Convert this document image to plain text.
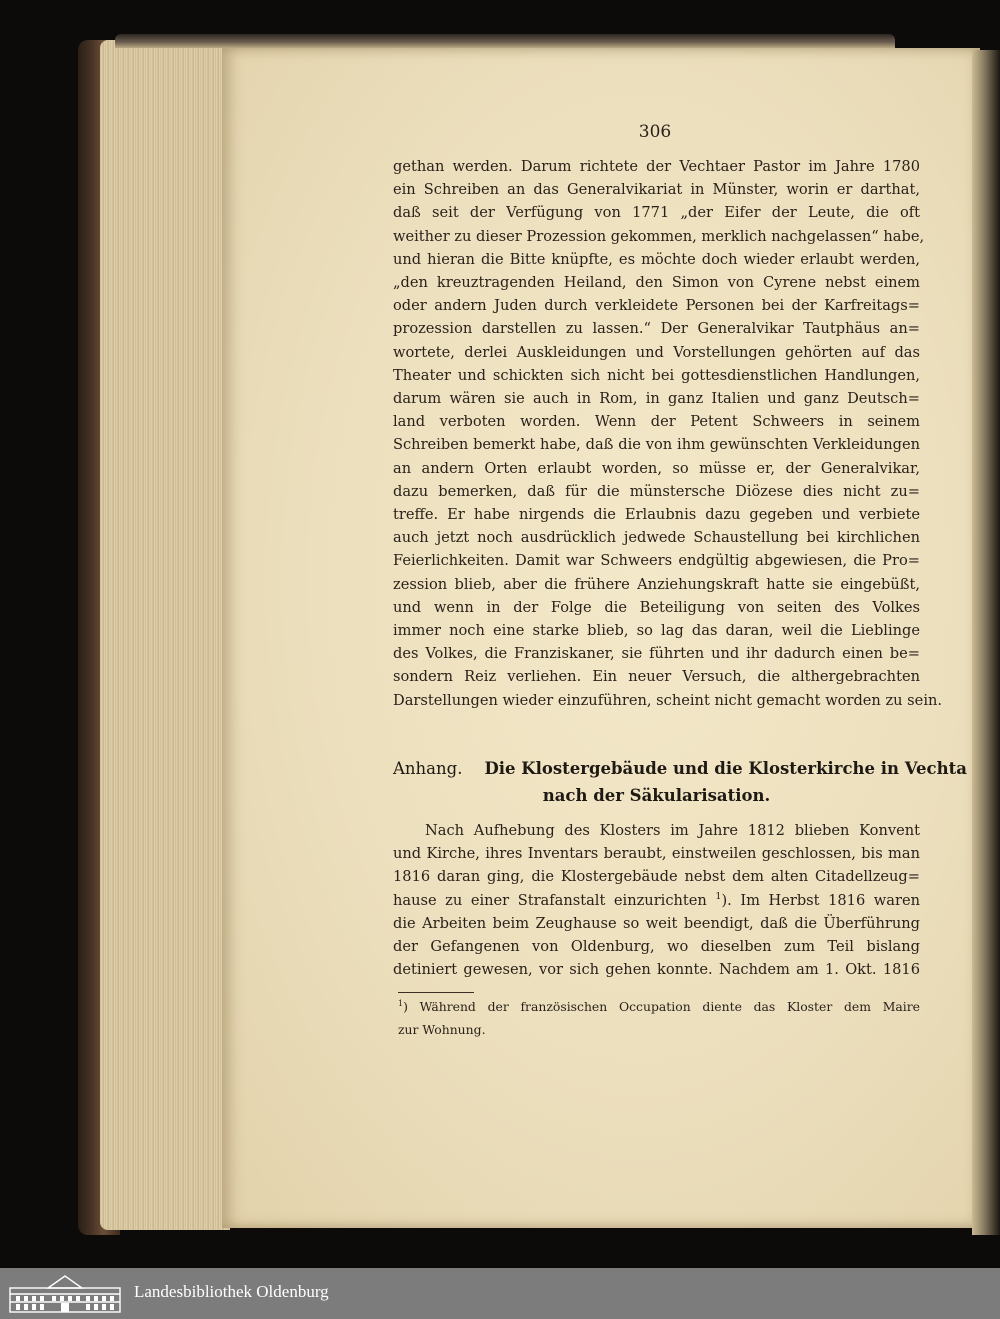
306
gethan werden. Darum richtete der Vechtaer Pastor im Jahre 1780
ein Schreiben an das Generalvikariat in Münster, worin er darthat,
daß seit der Verfügung von 1771 „der Eifer der Leute, die oft
weither zu dieser Prozession gekommen, merklich nachgelassen“ habe,
und hieran die Bitte knüpfte, es möchte doch wieder erlaubt werden,
„den kreuztragenden Heiland, den Simon von Cyrene nebst einem
oder andern Juden durch verkleidete Personen bei der Karfreitags=
prozession darstellen zu lassen.“ Der Generalvikar Tautphäus an=
wortete, derlei Auskleidungen und Vorstellungen gehörten auf das
Theater und schickten sich nicht bei gottesdienstlichen Handlungen,
darum wären sie auch in Rom, in ganz Italien und ganz Deutsch=
land verboten worden. Wenn der Petent Schweers in seinem
Schreiben bemerkt habe, daß die von ihm gewünschten Verkleidungen
an andern Orten erlaubt worden, so müsse er, der Generalvikar,
dazu bemerken, daß für die münstersche Diözese dies nicht zu=
treffe. Er habe nirgends die Erlaubnis dazu gegeben und verbiete
auch jetzt noch ausdrücklich jedwede Schaustellung bei kirchlichen
Feierlichkeiten. Damit war Schweers endgültig abgewiesen, die Pro=
zession blieb, aber die frühere Anziehungskraft hatte sie eingebüßt,
und wenn in der Folge die Beteiligung von seiten des Volkes
immer noch eine starke blieb, so lag das daran, weil die Lieblinge
des Volkes, die Franziskaner, sie führten und ihr dadurch einen be=
sondern Reiz verliehen. Ein neuer Versuch, die althergebrachten
Darstellungen wieder einzuführen, scheint nicht gemacht worden zu sein.
Anhang. Die Klostergebäude und die Klosterkirche in Vechta
nach der Säkularisation.
Nach Aufhebung des Klosters im Jahre 1812 blieben Konvent
und Kirche, ihres Inventars beraubt, einstweilen geschlossen, bis man
1816 daran ging, die Klostergebäude nebst dem alten Citadellzeug=
hause zu einer Strafanstalt einzurichten $^1$). Im Herbst 1816 waren
die Arbeiten beim Zeughause so weit beendigt, daß die Überführung
der Gefangenen von Oldenburg, wo dieselben zum Teil bislang
detiniert gewesen, vor sich gehen konnte. Nachdem am 1. Okt. 1816
$^1$) Während der französischen Occupation diente das Kloster dem Maire
zur Wohnung.
Landesbibliothek Oldenburg
